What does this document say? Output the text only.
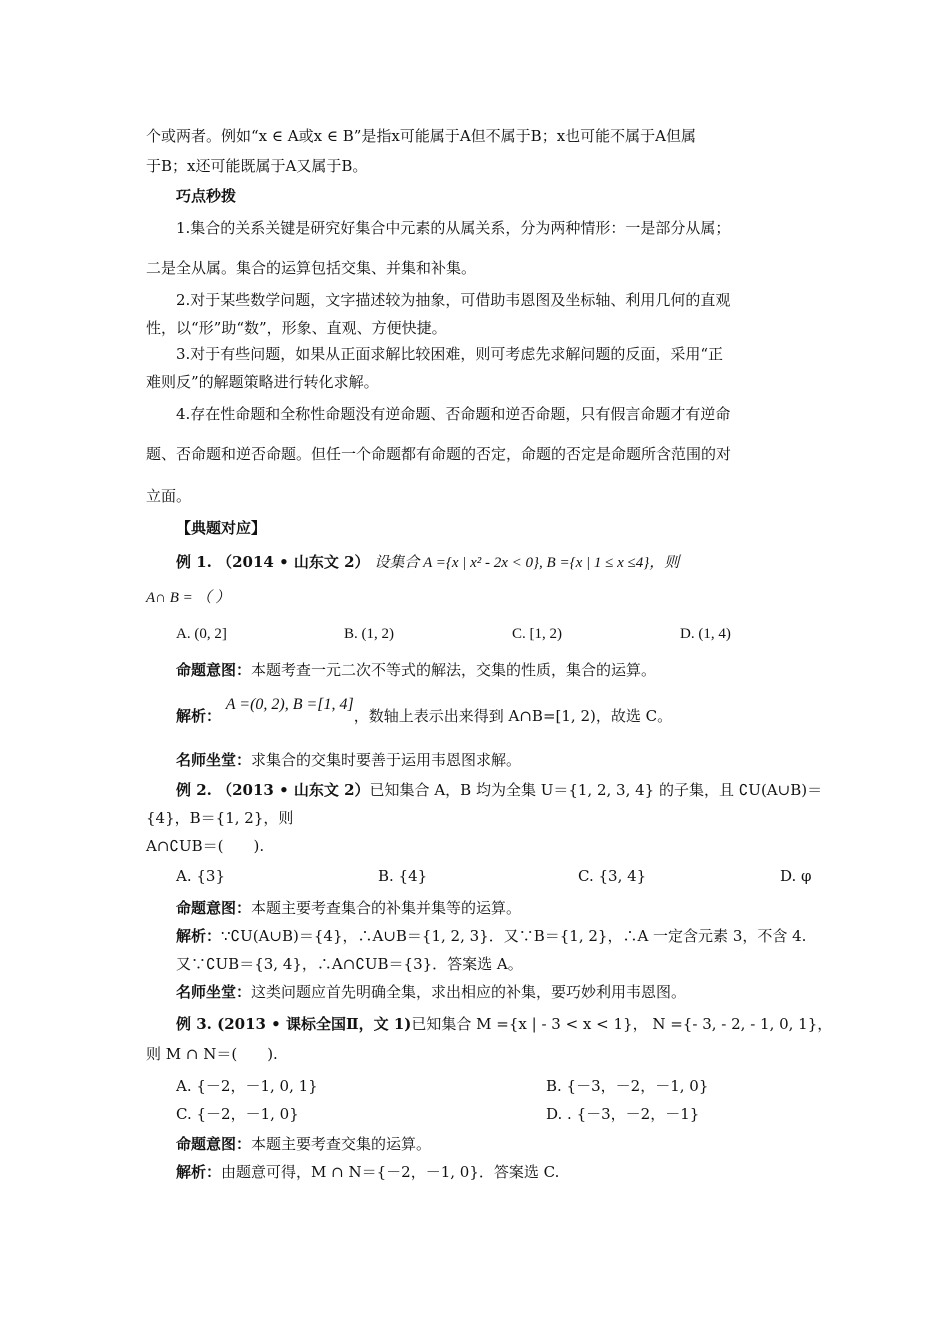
个或两者。例如“x ∈ A或x ∈ B”是指x可能属于A但不属于B；x也可能不属于A但属
于B；x还可能既属于A又属于B。
巧点秒拨
1.集合的关系关键是研究好集合中元素的从属关系，分为两种情形：一是部分从属；
二是全从属。集合的运算包括交集、并集和补集。
2.对于某些数学问题，文字描述较为抽象，可借助韦恩图及坐标轴、利用几何的直观
性，以“形”助“数”，形象、直观、方便快捷。
3.对于有些问题，如果从正面求解比较困难，则可考虑先求解问题的反面，采用“正
难则反”的解题策略进行转化求解。
4.存在性命题和全称性命题没有逆命题、否命题和逆否命题，只有假言命题才有逆命
题、否命题和逆否命题。但任一个命题都有命题的否定，命题的否定是命题所含范围的对
立面。
【典题对应】
例 1. （2014 • 山东文 2） 设集合 A ={x | x² - 2x < 0}, B ={x | 1 ≤ x ≤4}，则
A∩ B = （ ）
A. (0, 2]	B. (1, 2)	C. [1, 2)	D. (1, 4)
命题意图：本题考查一元二次不等式的解法，交集的性质，集合的运算。
解析： A =(0, 2), B =[1, 4]，数轴上表示出来得到 A∩B=[1, 2)，故选 C。
名师坐堂：求集合的交集时要善于运用韦恩图求解。
例 2. （2013 • 山东文 2）已知集合 A，B 均为全集 U＝{1, 2, 3, 4} 的子集，且 ∁U(A∪B)＝
{4}，B＝{1, 2}，则
A∩∁UB＝(　　).
A. {3}	B. {4}	C. {3, 4}	D. φ
命题意图：本题主要考查集合的补集并集等的运算。
解析：∵∁U(A∪B)＝{4}，∴A∪B＝{1, 2, 3}．又∵B＝{1, 2}，∴A 一定含元素 3，不含 4.
又∵∁UB＝{3, 4}，∴A∩∁UB＝{3}．答案选 A。
名师坐堂：这类问题应首先明确全集，求出相应的补集，要巧妙利用韦恩图。
例 3. (2013 • 课标全国Ⅱ，文 1)已知集合 M ={x | - 3 < x < 1}， N ={- 3, - 2, - 1, 0, 1}，
则 M ∩ N＝(　　).
A. {－2，－1, 0, 1}	B. {－3，－2，－1, 0}
C. {－2，－1, 0}	D. . {－3，－2，－1}
命题意图：本题主要考查交集的运算。
解析：由题意可得，M ∩ N＝{－2，－1, 0}．答案选 C.
